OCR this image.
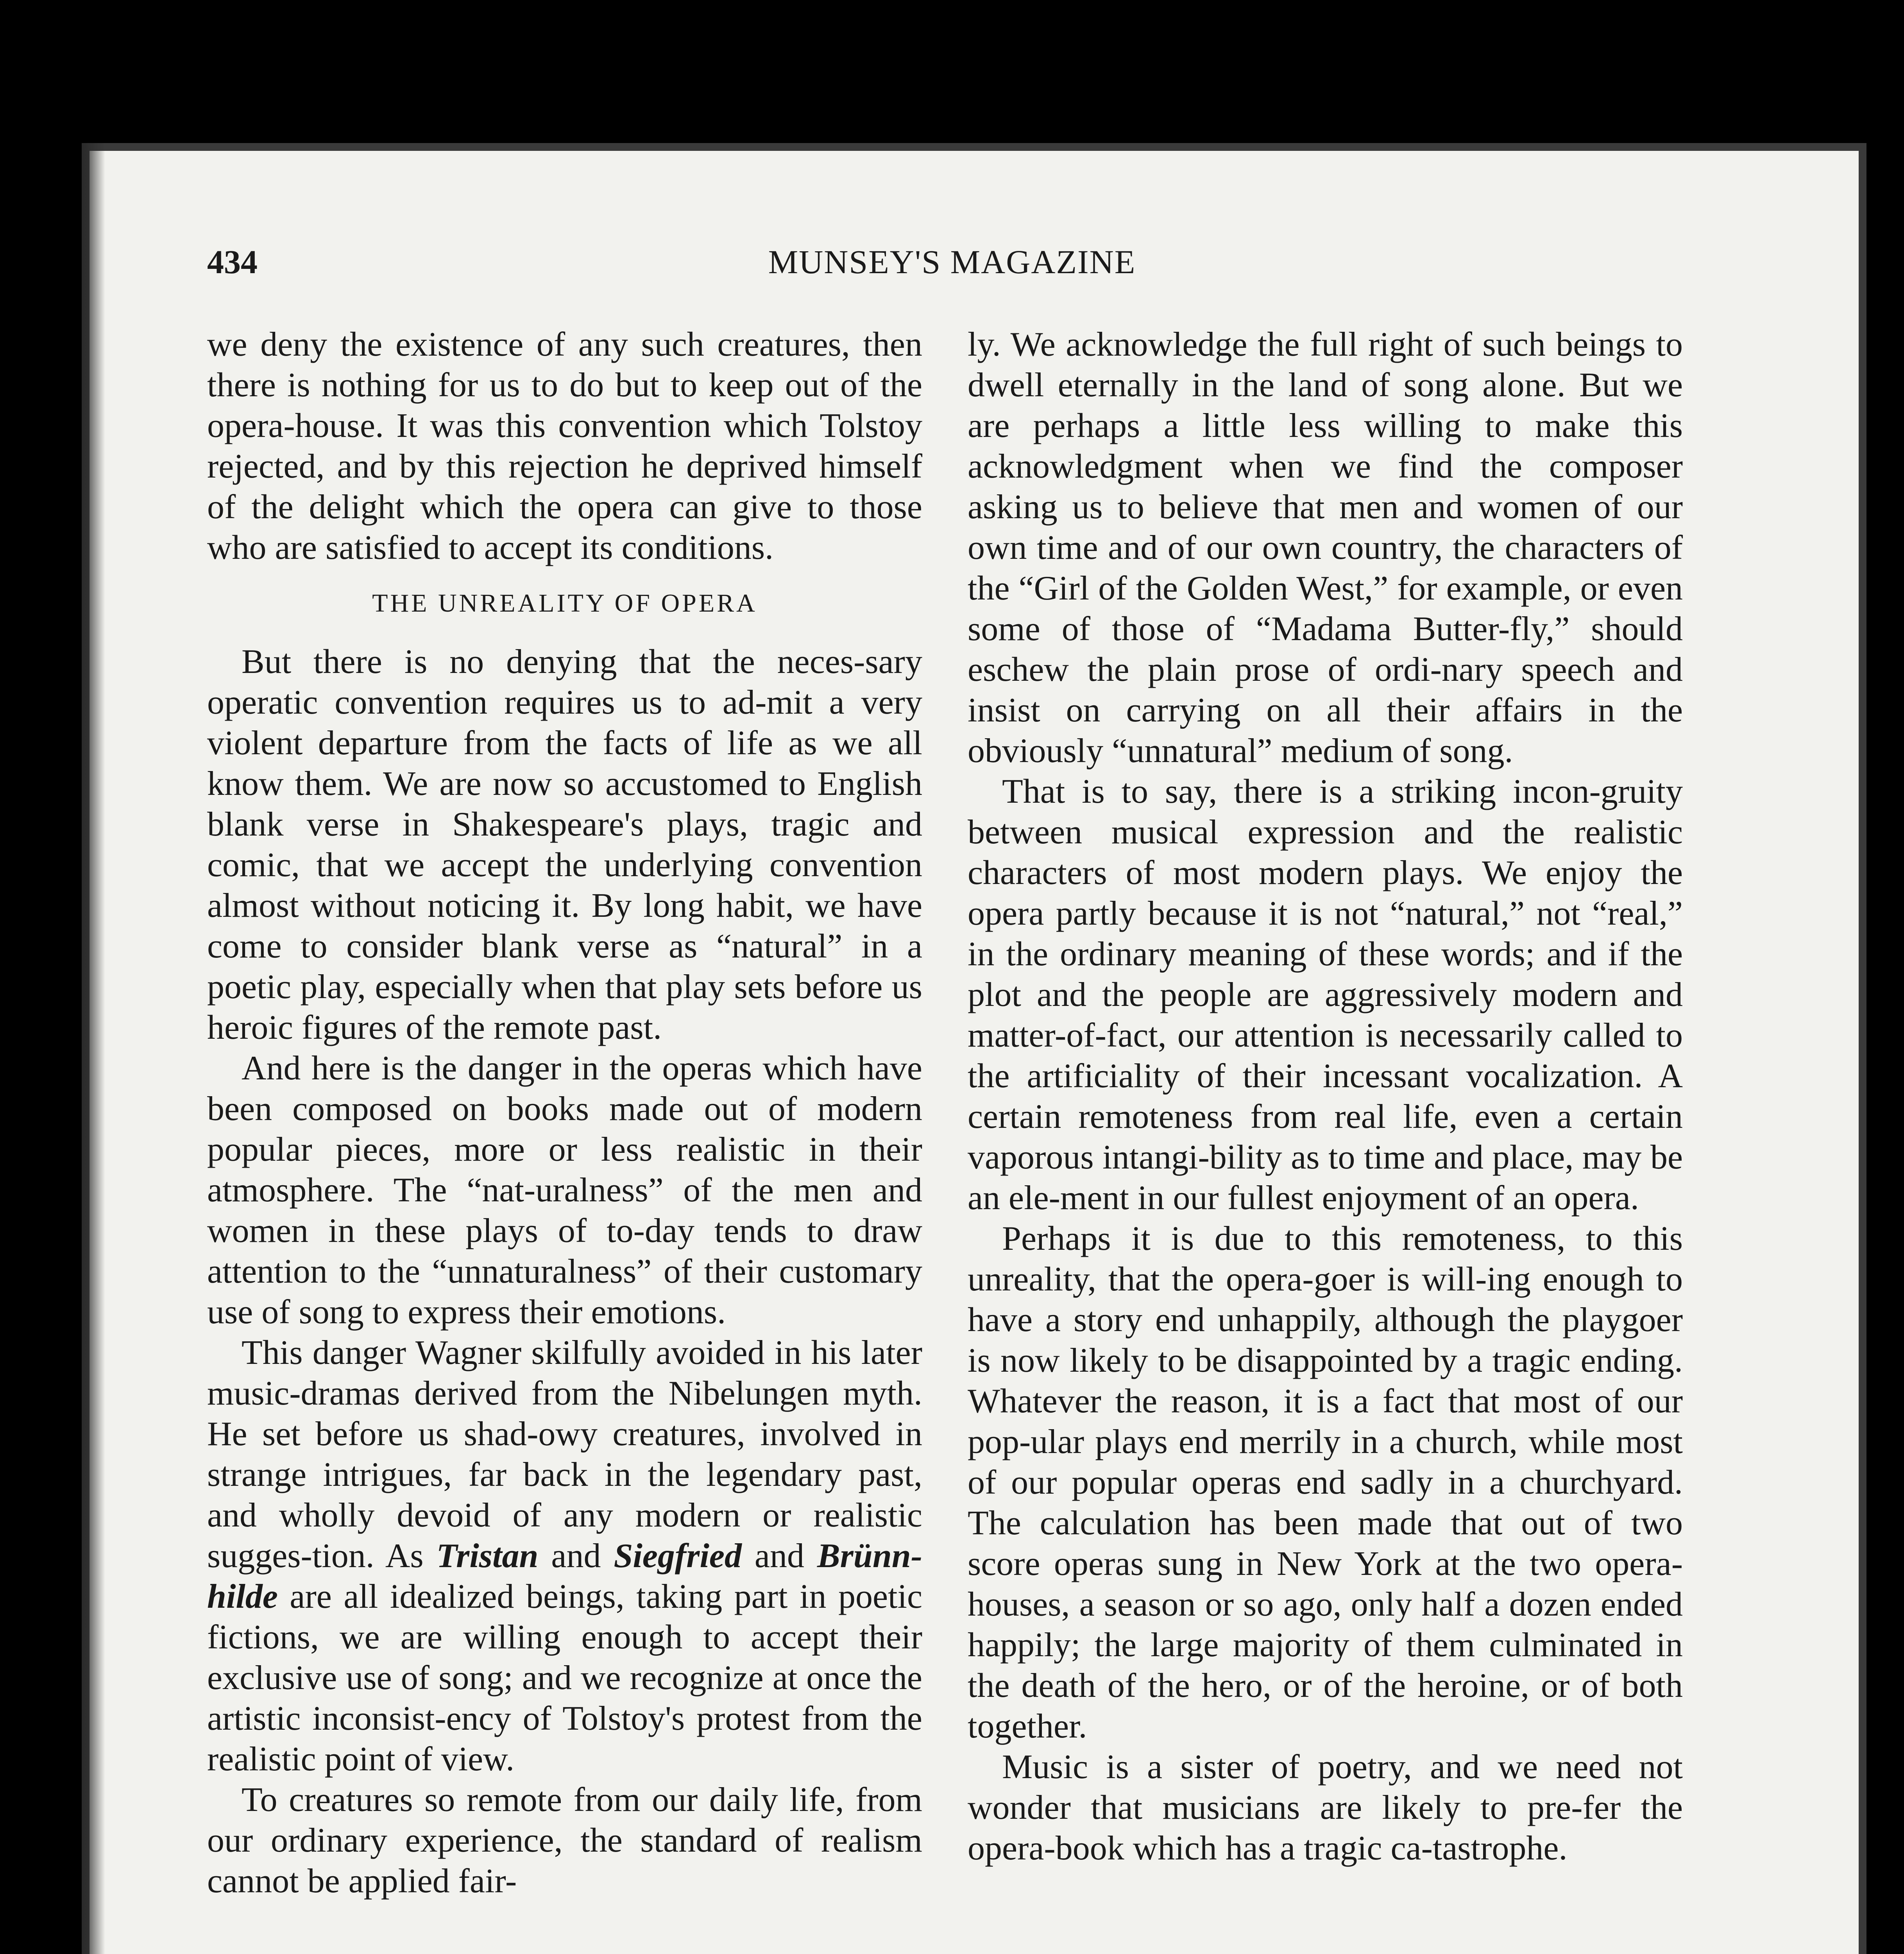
434	MUNSEY'S MAGAZINE

we deny the existence of any such creatures, then there is nothing for us to do but to keep out of the opera-house. It was this convention which Tolstoy rejected, and by this rejection he deprived himself of the delight which the opera can give to those who are satisfied to accept its conditions.

THE UNREALITY OF OPERA

But there is no denying that the neces-sary operatic convention requires us to ad-mit a very violent departure from the facts of life as we all know them. We are now so accustomed to English blank verse in Shakespeare's plays, tragic and comic, that we accept the underlying convention almost without noticing it. By long habit, we have come to consider blank verse as “natural” in a poetic play, especially when that play sets before us heroic figures of the remote past.

And here is the danger in the operas which have been composed on books made out of modern popular pieces, more or less realistic in their atmosphere. The “nat-uralness” of the men and women in these plays of to-day tends to draw attention to the “unnaturalness” of their customary use of song to express their emotions.

This danger Wagner skilfully avoided in his later music-dramas derived from the Nibelungen myth. He set before us shad-owy creatures, involved in strange intrigues, far back in the legendary past, and wholly devoid of any modern or realistic sugges-tion. As Tristan and Siegfried and Brünn-hilde are all idealized beings, taking part in poetic fictions, we are willing enough to accept their exclusive use of song; and we recognize at once the artistic inconsist-ency of Tolstoy's protest from the realistic point of view.

To creatures so remote from our daily life, from our ordinary experience, the standard of realism cannot be applied fair-

ly. We acknowledge the full right of such beings to dwell eternally in the land of song alone. But we are perhaps a little less willing to make this acknowledgment when we find the composer asking us to believe that men and women of our own time and of our own country, the characters of the “Girl of the Golden West,” for example, or even some of those of “Madama Butter-fly,” should eschew the plain prose of ordi-nary speech and insist on carrying on all their affairs in the obviously “unnatural” medium of song.

That is to say, there is a striking incon-gruity between musical expression and the realistic characters of most modern plays. We enjoy the opera partly because it is not “natural,” not “real,” in the ordinary meaning of these words; and if the plot and the people are aggressively modern and matter-of-fact, our attention is necessarily called to the artificiality of their incessant vocalization. A certain remoteness from real life, even a certain vaporous intangi-bility as to time and place, may be an ele-ment in our fullest enjoyment of an opera.

Perhaps it is due to this remoteness, to this unreality, that the opera-goer is will-ing enough to have a story end unhappily, although the playgoer is now likely to be disappointed by a tragic ending. Whatever the reason, it is a fact that most of our pop-ular plays end merrily in a church, while most of our popular operas end sadly in a churchyard. The calculation has been made that out of two score operas sung in New York at the two opera-houses, a season or so ago, only half a dozen ended happily; the large majority of them culminated in the death of the hero, or of the heroine, or of both together.

Music is a sister of poetry, and we need not wonder that musicians are likely to pre-fer the opera-book which has a tragic ca-tastrophe.
